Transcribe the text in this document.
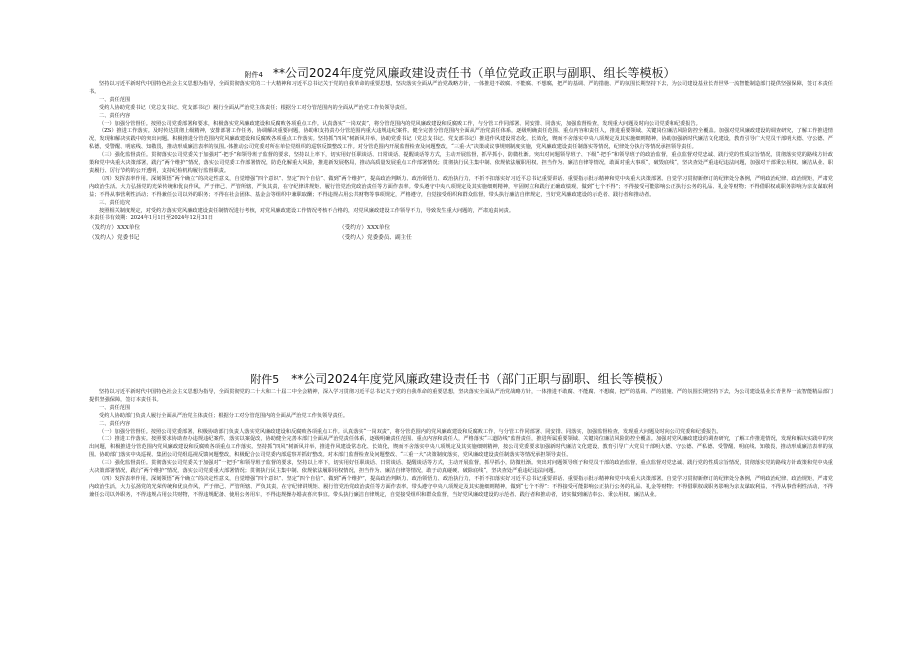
附件4 **公司2024年度党风廉政建设责任书（单位党政正职与副职、组长等模板）

坚持以习近平新时代中国特色社会主义思想为指导，全面贯彻落实党的二十大精神和习近平总书记关于党的自我革命的重要思想，坚决落实全面从严治党战略方针，一体推进不敢腐、不能腐、不想腐，把严的基调、严的措施、严的氛围长期坚持下去，为公司建设基业长青世界一流智能制造部门提供坚强保障，签订本责任书。

一、责任范围

受约人协助党委书记（党总支书记、党支部书记）履行全面从严治党主体责任；根据分工对分管范围内的全面从严治党工作负领导责任。

二、责任内容

（一）加强分管督任。按照公司党委部署和要求，积极落实党风廉政建设和反腐败各项重点工作。认真落实“一岗双责”，将分管范围内的党风廉政建设和反腐败工作，与分管工作同部署、同安排、同落实，加强监督检查，发现重大问题及时向公司党委和纪委报告。

（ZS）推进工作落实。及时传达贯彻上级精神，安排部署工作任务，协调解决重要问题，协助和支持责办分管范围内重大违规违纪案件。健全完善分管范围内全面从严治党责任体系，逐级明确责任范围、重点内容和责任人，推进重要领域、关键岗位廉洁风险防控全覆盖。加强对党风廉政建设的调查研究，了解工作推进情况，发现和解决实践中的突出问题。积极推进分管范围内党风廉政建设和反腐败各项重点工作落实。坚持抓“四风”树新风并举，协助党委书记（党总支书记、党支部书记）推进作风建设常态化、长效化，锲而不舍落实中央八项规定及其实施细则精神，协助加强新时代廉洁文化建设，教育引导广大党员干部明大德、守公德、严私德，受警醒、明底线、知敬畏，推动形成廉洁表率的氛围。·体推动公司党委对所在单位党组织的巡察反馈整改工作。对分管范围内开展监督检查及问题整改，“三重·大”决策或议事规则制度实施，党风廉政建设责任制落实等情况，纪律处分执行等情况承担领导责任。

（三）强化监督责任。贯彻落实公司党委关于加强对“·把手”和领导班子监督的要求，坚持以上率下，切实用好任职谈话、日常谈话、提醒谈话等方式，主动开展监督，抓早抓小，防微杜渐。突出对问题领导班子、下级“·把手”和领导班子的政治监督，重点监督对党忠诚、践行党的性质宗旨情况，贯彻落实党的路线方针政策和党中央重大决策部署，践行“两个维护”情况，落实公司党委工作部署情况，防范化解重大风险，推进新发展格局，推动高质量发展重点工作部署情况；贯彻执行民主集中制、依规依法履职用权、担当作为、廉洁自律等情况，敢面对重大事项“，破毁底线“，坚决查处严重违纪违法问题，加强对干部秉公用权、廉洁从业、职责履行、厉行节约的公开透明，支持纪检机构履行监督职责。

（四）发挥表率作用。深刻领悟“两个确立”的决定性意义，自觉增强“四个意识”、坚定“四个自信”、做到“两个维护”，提高政治判断力、政治领悟力、政治执行力，不折不扣落实好习近平总书记重要讲话、重要指示批示精神和党中央重大决策部署。自觉学习贯彻新修订的纪律处分条例，严明政治纪律、政治规矩，严肃党内政治生活。大力弘扬党的光荣传统和优良作风，严于律己、严管所辖，严负其责，在守纪律讲规矩、履行管党治党政治责任等方面作表率。带头遵守中央八项规定及其实施细则精神，牢固树立和践行正确政绩观，做到“七个不得”；不得接受可能影响公正执行公务的礼品、礼金等财物；不得借职权或职务影响为亲友谋取利益；不得从事营利性活动；不得兼任公司以外的职务；不得在社会团体、基金会等组织中兼职取酬；不得违规占用公共财物等事项规定，严格遵守，自觉接受组织和群众监督，带头执行廉洁自律规定，当好党风廉政建设的示范者、践行者和推动者。

三、责任追究

按照相关制度规定，对受约方落实党风廉政建设责任制情况进行考核，对党风廉政建设工作情况考核不合格的，对党风廉政建设工作领导不力，导致发生重大问题的，严肃追责问责。

本责任书有效期：2024年1月1日至2024年12月31日

（发约方）XXX单位	（受约方）XXX单位
（发约人）党委书记	（受约人）党委委员、副主任
附件5 **公司2024年度党风廉政建设责任书（部门正职与副职、组长等模板）

坚持以习近平新时代中国特色社会主义思想为指导，全面贯彻党的二十大和二十届二中全会精神，深入学习贯彻习近平总书记关于党的自我革命的重要思想，坚决落实全面从严治党战略方针，一体推进不敢腐、不能腐、不想腐，把严的基调、严的措施、严的氛围长期坚持下去，为公司建设基业长青世界一流智能精品部门提供坚强保障，签订本责任书。

一、责任范围

受约人协助部门负责人履行全面从严治党主体责任；根据分工对分管范围内的全面从严治党工作负领导责任。

二、责任内容

（一）加强分管督任。按照公司党委部署，积极协助部门负责人落实党风廉政建设和反腐败各项重点工作。认真落实“一岗双责”，将分管范围内的党风廉政建设和反腐败工作，与分管工作同部署、同安排、同落实，加强监督检查，发现重大问题及时向公司党委和纪委报告。

（二）推进工作落实。按照要求协助查办违规违纪案件，落实以案促改，协助健全完善本部门全面从严治党责任体系，逐级明确责任范围、重点内容和责任人，严格落实“三道防线”监督责任，推进所属重要领域、关键岗位廉洁风险防控全覆盖。加强对党风廉政建设的调查研究，了解工作推进情况，发现和解决实践中的突出问题，积极推进分管范围内党风廉政建设和反腐败各项重点工作落实。坚持抓“四风”树新风并举，推进作风建设常态化、长效化，锲而不舍落实中央八项规定及其实施细则精神，按公司党委要求加强新时代廉洁文化建设，教育引导广大党员干部明大德、守公德、严私德、受警醒、明底线、知敬畏，推动形成廉洁表率的氛围。协助部门落实中央巡视、集团公司党组巡视反馈问题整改，积极配合公司党委内部巡察并抓好整改。对本部门监督检查及问题整改、“三重一大”决策制度落实，党风廉政建设责任制落实等情况承担领导责任。

（三）强化监督责任。贯彻落实公司党委关于加强对“一把手”和领导班子监督的要求，坚持以上率下，切实用好任职谈话、日常谈话、提醒谈话等方式，主动开展监督，抓早抓小，防微杜渐。突出对问题领导班子和党员干部的政治监督，重点监督对党忠诚、践行党的性质宗旨情况，贯彻落实党的路线方针政策和党中央重大决策部署情况，践行“两个维护”情况，落实公司党委重大部署情况；贯彻执行民主集中制、依规依法履职用权情况，担当作为、廉洁自律等情况，敢于动真碰硬、破除底线“，坚决查处严重违纪违法问题。

（四）发挥表率作用。深刻领悟“两个确立”的决定性意义，自觉增强“四个意识”、坚定“四个自信”、做到“两个维护”，提高政治判断力、政治领悟力、政治执行力，不折不扣落实好习近平总书记重要讲话、重要指示批示精神和党中央重大决策部署。自觉学习贯彻新修订的纪律处分条例，严明政治纪律、政治规矩，严肃党内政治生活，大力弘扬党的光荣传统和优良作风，严于律己、严管所辖、严负其责，在守纪律讲规矩、履行管党治党政治责任等方面作表率。带头遵守中央八项规定及其实施细则精神，做到“七个不得”：不得接受可能影响公正执行公务的礼品、礼金等财物；不得借职权或职务影响为亲友谋取利益，不得从事营利性活动，不得兼任公司以外职务，不得违规占用公共财物，不得违规配备、使用公务用车，不得违规操办婚丧喜庆事宜。带头执行廉洁自律规定，自觉接受组织和群众监督，当好党风廉政建设的示范者、践行者和推动者，切实做到廉洁奉公、秉公用权、廉洁从业。
